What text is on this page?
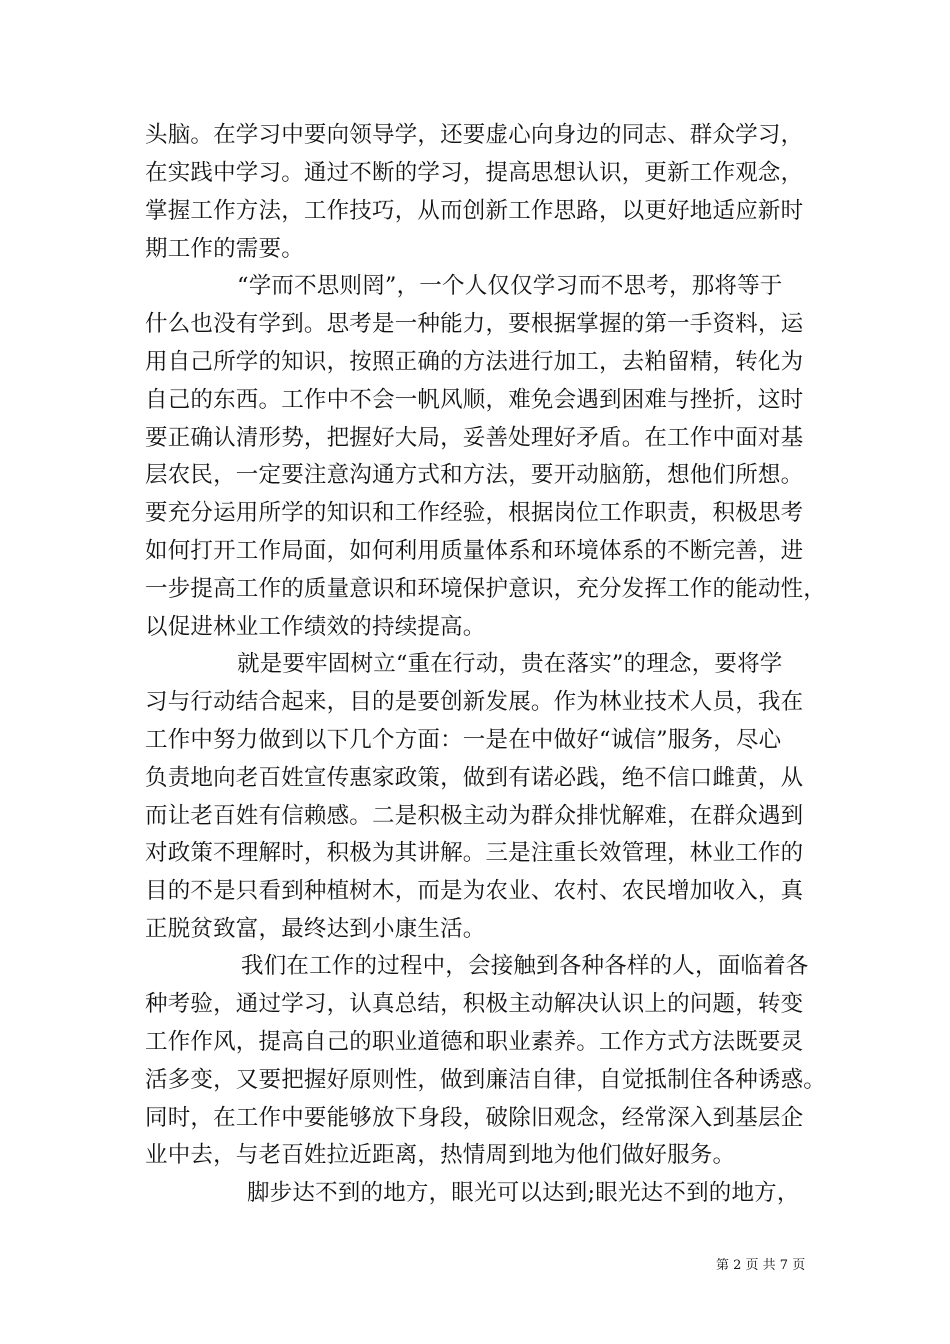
头脑。在学习中要向领导学，还要虚心向身边的同志、群众学习，
在实践中学习。通过不断的学习，提高思想认识，更新工作观念，
掌握工作方法，工作技巧，从而创新工作思路，以更好地适应新时
期工作的需要。
“学而不思则罔”，一个人仅仅学习而不思考，那将等于
什么也没有学到。思考是一种能力，要根据掌握的第一手资料，运
用自己所学的知识，按照正确的方法进行加工，去粕留精，转化为
自己的东西。工作中不会一帆风顺，难免会遇到困难与挫折，这时
要正确认清形势，把握好大局，妥善处理好矛盾。在工作中面对基
层农民，一定要注意沟通方式和方法，要开动脑筋，想他们所想。
要充分运用所学的知识和工作经验，根据岗位工作职责，积极思考
如何打开工作局面，如何利用质量体系和环境体系的不断完善，进
一步提高工作的质量意识和环境保护意识，充分发挥工作的能动性，
以促进林业工作绩效的持续提高。
就是要牢固树立“重在行动，贵在落实”的理念，要将学
习与行动结合起来，目的是要创新发展。作为林业技术人员，我在
工作中努力做到以下几个方面：一是在中做好“诚信”服务，尽心
负责地向老百姓宣传惠家政策，做到有诺必践，绝不信口雌黄，从
而让老百姓有信赖感。二是积极主动为群众排忧解难，在群众遇到
对政策不理解时，积极为其讲解。三是注重长效管理，林业工作的
目的不是只看到种植树木，而是为农业、农村、农民增加收入，真
正脱贫致富，最终达到小康生活。
我们在工作的过程中，会接触到各种各样的人，面临着各
种考验，通过学习，认真总结，积极主动解决认识上的问题，转变
工作作风，提高自己的职业道德和职业素养。工作方式方法既要灵
活多变，又要把握好原则性，做到廉洁自律，自觉抵制住各种诱惑。
同时，在工作中要能够放下身段，破除旧观念，经常深入到基层企
业中去，与老百姓拉近距离，热情周到地为他们做好服务。
脚步达不到的地方，眼光可以达到;眼光达不到的地方，
第 2 页 共 7 页
